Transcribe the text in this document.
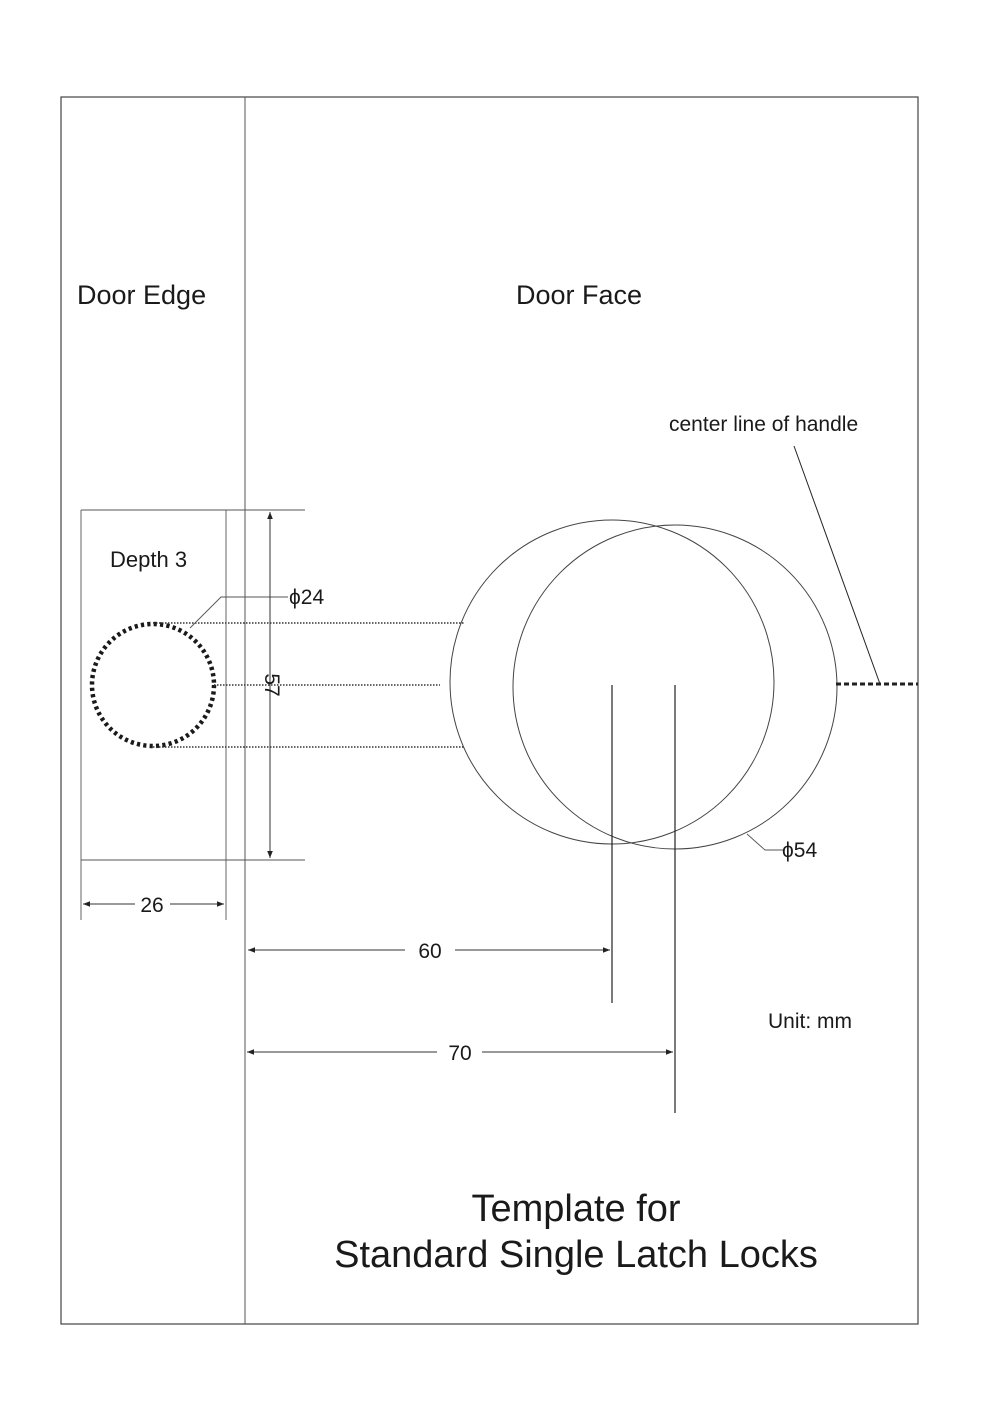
Door Edge	Door Face
Depth 3
ϕ24
57
26
center line of handle
ϕ54
60
70
Unit: mm
Template for
Standard Single Latch Locks
